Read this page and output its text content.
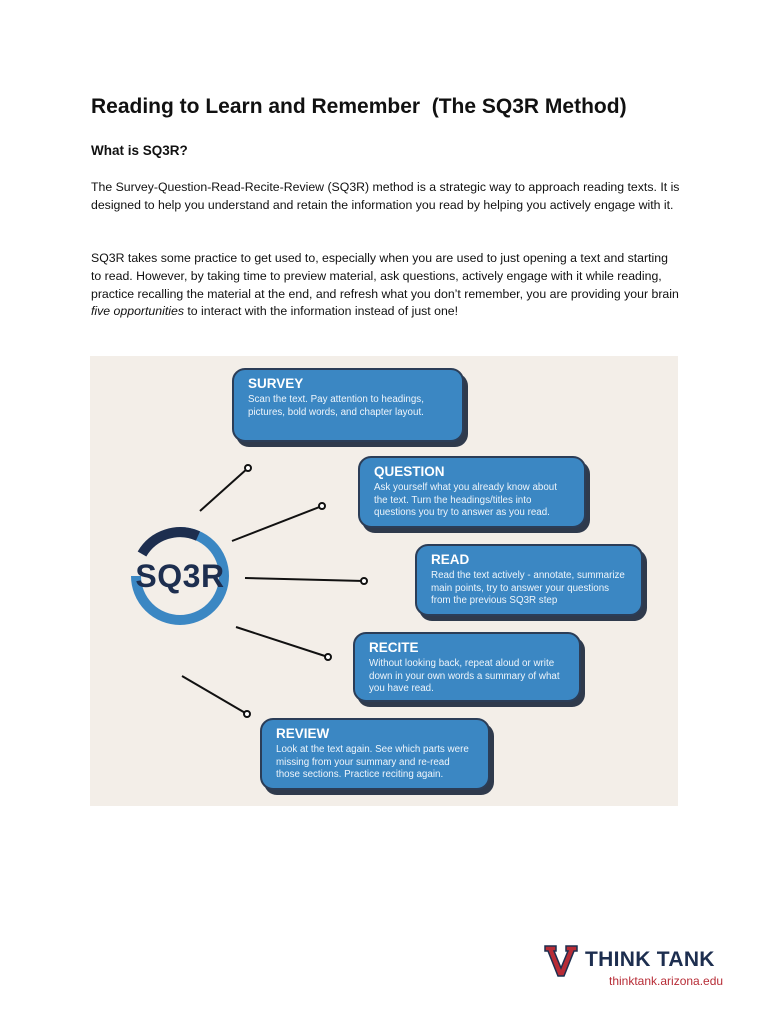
Reading to Learn and Remember  (The SQ3R Method)
What is SQ3R?

The Survey-Question-Read-Recite-Review (SQ3R) method is a strategic way to approach reading texts. It is designed to help you understand and retain the information you read by helping you actively engage with it.

SQ3R takes some practice to get used to, especially when you are used to just opening a text and starting to read. However, by taking time to preview material, ask questions, actively engage with it while reading, practice recalling the material at the end, and refresh what you don’t remember, you are providing your brain five opportunities to interact with the information instead of just one!

SQ3R
SURVEY
Scan the text. Pay attention to headings, pictures, bold words, and chapter layout.
QUESTION
Ask yourself what you already know about the text. Turn the headings/titles into questions you try to answer as you read.
READ
Read the text actively - annotate, summarize main points, try to answer your questions from the previous SQ3R step
RECITE
Without looking back, repeat aloud or write down in your own words a summary of what you have read.
REVIEW
Look at the text again. See which parts were missing from your summary and re-read those sections. Practice reciting again.
THINK TANK
thinktank.arizona.edu
